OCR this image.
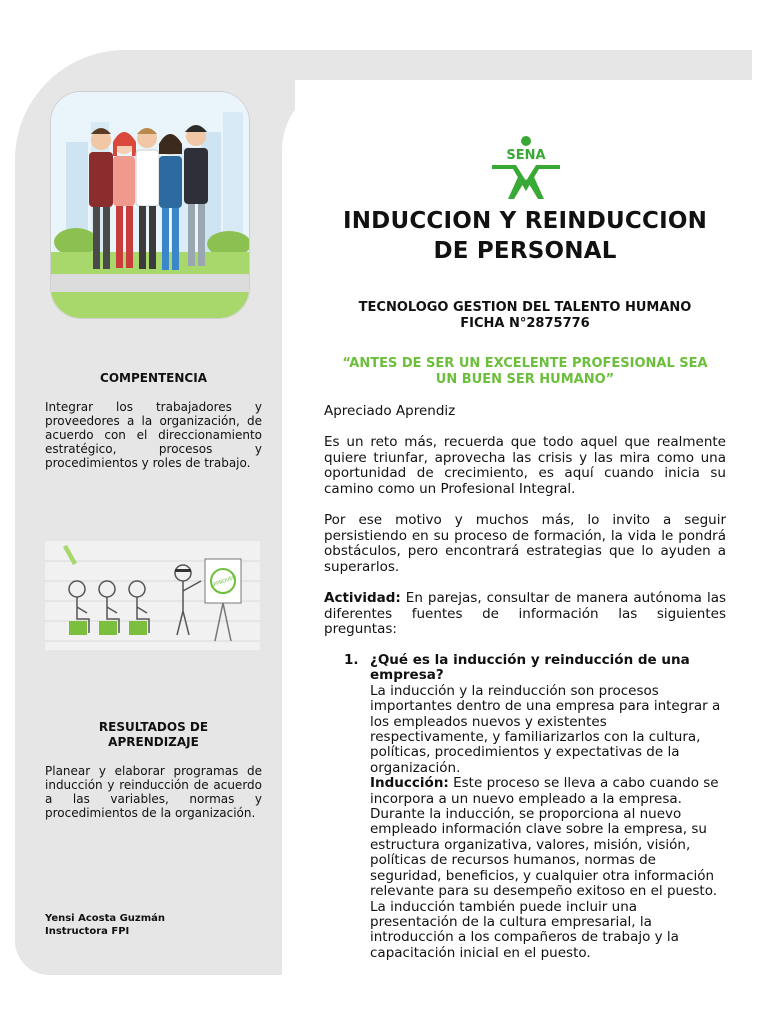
COMPENTENCIA
Integrar los trabajadores y proveedores a la organización, de acuerdo con el direccionamiento estratégico, procesos y procedimientos y roles de trabajo.
APPROVED
RESULTADOS DE
APRENDIZAJE
Planear y elaborar programas de inducción y reinducción de acuerdo a las variables, normas y procedimientos de la organización.
Yensi Acosta Guzmán
Instructora FPI
SENA
INDUCCION Y REINDUCCION
DE PERSONAL
TECNOLOGO GESTION DEL TALENTO HUMANO
FICHA N°2875776
“ANTES DE SER UN EXCELENTE PROFESIONAL SEA
UN BUEN SER HUMANO”
Apreciado Aprendiz
Es un reto más, recuerda que todo aquel que realmente quiere triunfar, aprovecha las crisis y las mira como una oportunidad de crecimiento, es aquí cuando inicia su camino como un Profesional Integral.
Por ese motivo y muchos más, lo invito a seguir persistiendo en su proceso de formación, la vida le pondrá obstáculos, pero encontrará estrategias que lo ayuden a superarlos.
Actividad: En parejas, consultar de manera autónoma las diferentes fuentes de información las siguientes preguntas:
1. ¿Qué es la inducción y reinducción de una empresa?
La inducción y la reinducción son procesos importantes dentro de una empresa para integrar a los empleados nuevos y existentes respectivamente, y familiarizarlos con la cultura, políticas, procedimientos y expectativas de la organización.
Inducción: Este proceso se lleva a cabo cuando se incorpora a un nuevo empleado a la empresa. Durante la inducción, se proporciona al nuevo empleado información clave sobre la empresa, su estructura organizativa, valores, misión, visión, políticas de recursos humanos, normas de seguridad, beneficios, y cualquier otra información relevante para su desempeño exitoso en el puesto. La inducción también puede incluir una presentación de la cultura empresarial, la introducción a los compañeros de trabajo y la capacitación inicial en el puesto.
